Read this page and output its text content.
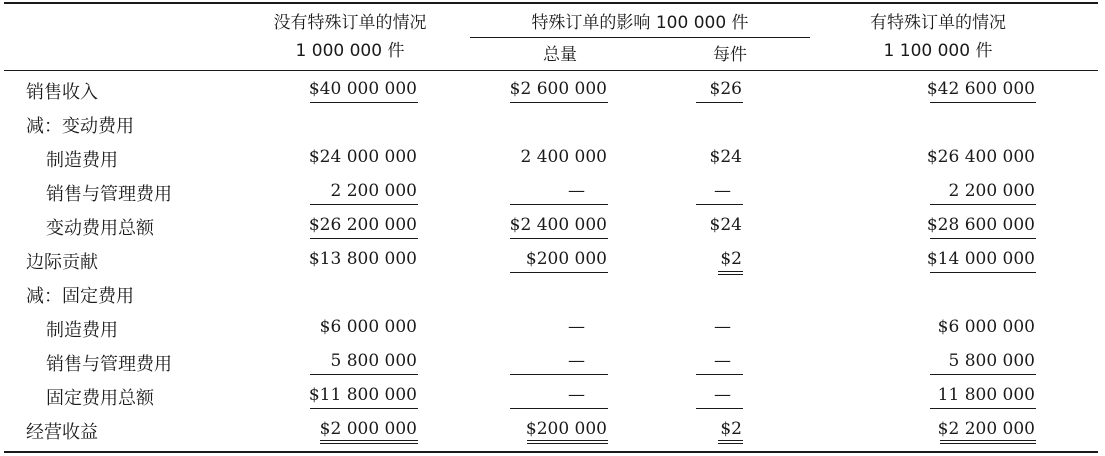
没有特殊订单的情况
1 000 000 件
特殊订单的影响 100 000 件
总量	每件
有特殊订单的情况
1 100 000 件
销售收入	$40 000 000	$2 600 000	$26	$42 600 000
减：变动费用
制造费用	$24 000 000	2 400 000	$24	$26 400 000
销售与管理费用	2 200 000	—	—	2 200 000
变动费用总额	$26 200 000	$2 400 000	$24	$28 600 000
边际贡献	$13 800 000	$200 000	$2	$14 000 000
减：固定费用
制造费用	$6 000 000	—	—	$6 000 000
销售与管理费用	5 800 000	—	—	5 800 000
固定费用总额	$11 800 000	—	—	11 800 000
经营收益	$2 000 000	$200 000	$2	$2 200 000
